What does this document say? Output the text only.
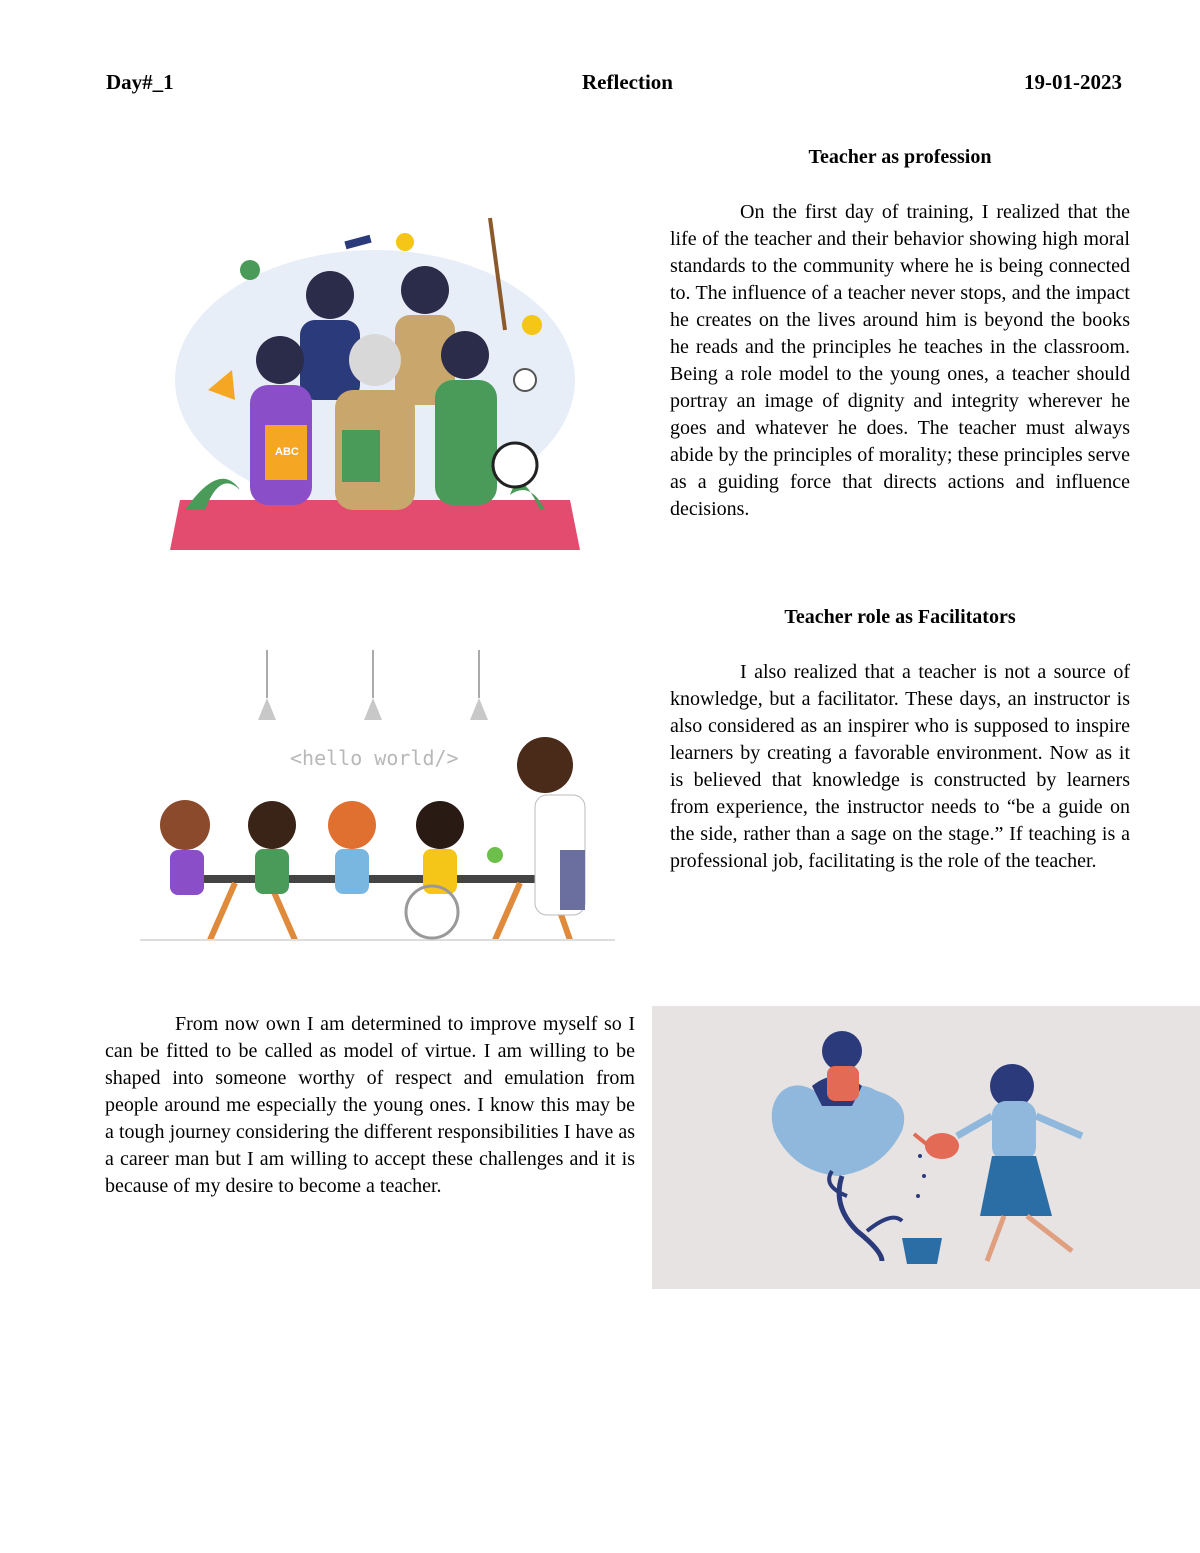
Day#_1	Reflection	19-01-2023
Teacher as profession

On the first day of training, I realized that the life of the teacher and their behavior showing high moral standards to the community where he is being connected to. The influence of a teacher never stops, and the impact he creates on the lives around him is beyond the books he reads and the principles he teaches in the classroom. Being a role model to the young ones, a teacher should portray an image of dignity and integrity wherever he goes and whatever he does. The teacher must always abide by the principles of morality; these principles serve as a guiding force that directs actions and influence decisions.

Teacher role as Facilitators

I also realized that a teacher is not a source of knowledge, but a facilitator. These days, an instructor is also considered as an inspirer who is supposed to inspire learners by creating a favorable environment. Now as it is believed that knowledge is constructed by learners from experience, the instructor needs to “be a guide on the side, rather than a sage on the stage.” If teaching is a professional job, facilitating is the role of the teacher.

From now own I am determined to improve myself so I can be fitted to be called as model of virtue. I am willing to be shaped into someone worthy of respect and emulation from people around me especially the young ones. I know this may be a tough journey considering the different responsibilities I have as a career man but I am willing to accept these challenges and it is because of my desire to become a teacher.

ABC
<hello world/>
